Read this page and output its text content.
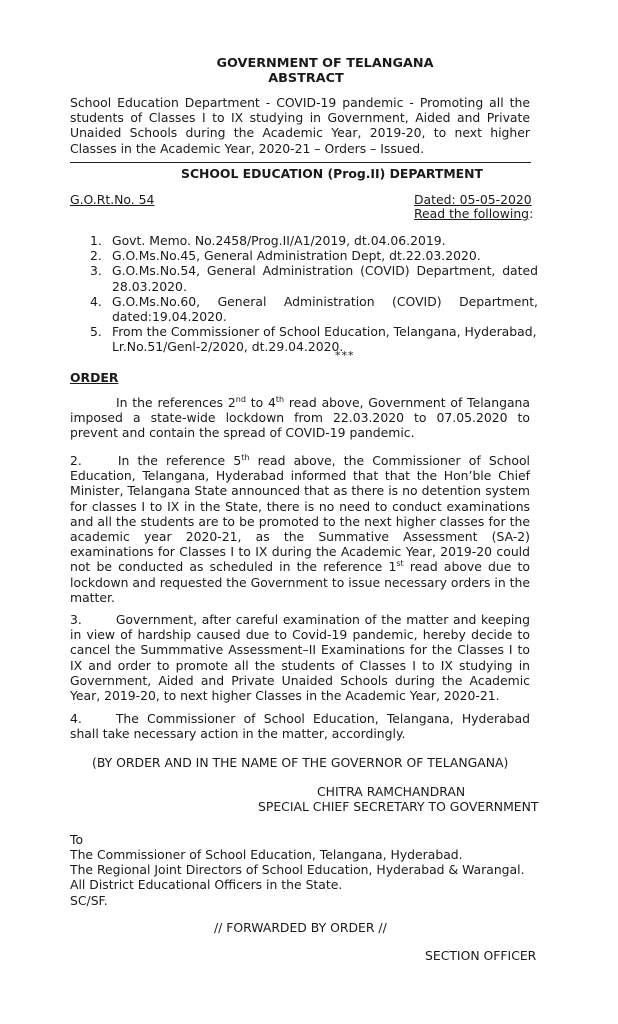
GOVERNMENT OF TELANGANA
ABSTRACT
School Education Department - COVID-19 pandemic - Promoting all the students of Classes I to IX studying in Government, Aided and Private Unaided Schools during the Academic Year, 2019-20, to next higher Classes in the Academic Year, 2020-21 – Orders – Issued.
SCHOOL EDUCATION (Prog.II) DEPARTMENT
G.O.Rt.No. 54	Dated: 05-05-2020
Read the following:
1. Govt. Memo. No.2458/Prog.II/A1/2019, dt.04.06.2019.
2. G.O.Ms.No.45, General Administration Dept, dt.22.03.2020.
3. G.O.Ms.No.54, General Administration (COVID) Department, dated 28.03.2020.
4. G.O.Ms.No.60, General Administration (COVID) Department, dated:19.04.2020.
5. From the Commissioner of School Education, Telangana, Hyderabad, Lr.No.51/Genl-2/2020, dt.29.04.2020.
***
ORDER
In the references 2nd to 4th read above, Government of Telangana imposed a state-wide lockdown from 22.03.2020 to 07.05.2020 to prevent and contain the spread of COVID-19 pandemic.
2.	In the reference 5th read above, the Commissioner of School Education, Telangana, Hyderabad informed that that the Hon’ble Chief Minister, Telangana State announced that as there is no detention system for classes I to IX in the State, there is no need to conduct examinations and all the students are to be promoted to the next higher classes for the academic year 2020-21, as the Summative Assessment (SA-2) examinations for Classes I to IX during the Academic Year, 2019-20 could not be conducted as scheduled in the reference 1st read above due to lockdown and requested the Government to issue necessary orders in the matter.
3.	Government, after careful examination of the matter and keeping in view of hardship caused due to Covid-19 pandemic, hereby decide to cancel the Summmative Assessment–II Examinations for the Classes I to IX and order to promote all the students of Classes I to IX studying in Government, Aided and Private Unaided Schools during the Academic Year, 2019-20, to next higher Classes in the Academic Year, 2020-21.
4.	The Commissioner of School Education, Telangana, Hyderabad shall take necessary action in the matter, accordingly.
(BY ORDER AND IN THE NAME OF THE GOVERNOR OF TELANGANA)
CHITRA RAMCHANDRAN
SPECIAL CHIEF SECRETARY TO GOVERNMENT
To
The Commissioner of School Education, Telangana, Hyderabad.
The Regional Joint Directors of School Education, Hyderabad & Warangal.
All District Educational Officers in the State.
SC/SF.
// FORWARDED BY ORDER //
SECTION OFFICER
